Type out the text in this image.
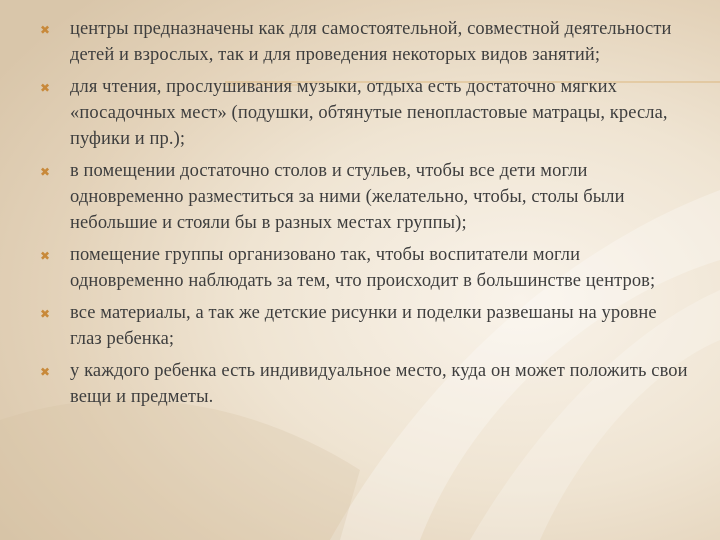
✖ центры предназначены как для самостоятельной, совместной деятельности детей и взрослых, так и для проведения некоторых видов занятий;
✖ для чтения, прослушивания музыки, отдыха есть достаточно мягких «посадочных мест» (подушки, обтянутые пенопластовые матрацы, кресла, пуфики и пр.);
✖ в помещении достаточно столов и стульев, чтобы все дети могли одновременно разместиться за ними (желательно, чтобы, столы были небольшие и стояли бы в разных местах группы);
✖ помещение группы организовано так, чтобы воспитатели могли одновременно наблюдать за тем, что происходит в большинстве центров;
✖ все материалы, а так же детские рисунки и поделки развешаны на уровне глаз ребенка;
✖ у каждого ребенка есть индивидуальное место, куда он может положить свои вещи и предметы.
